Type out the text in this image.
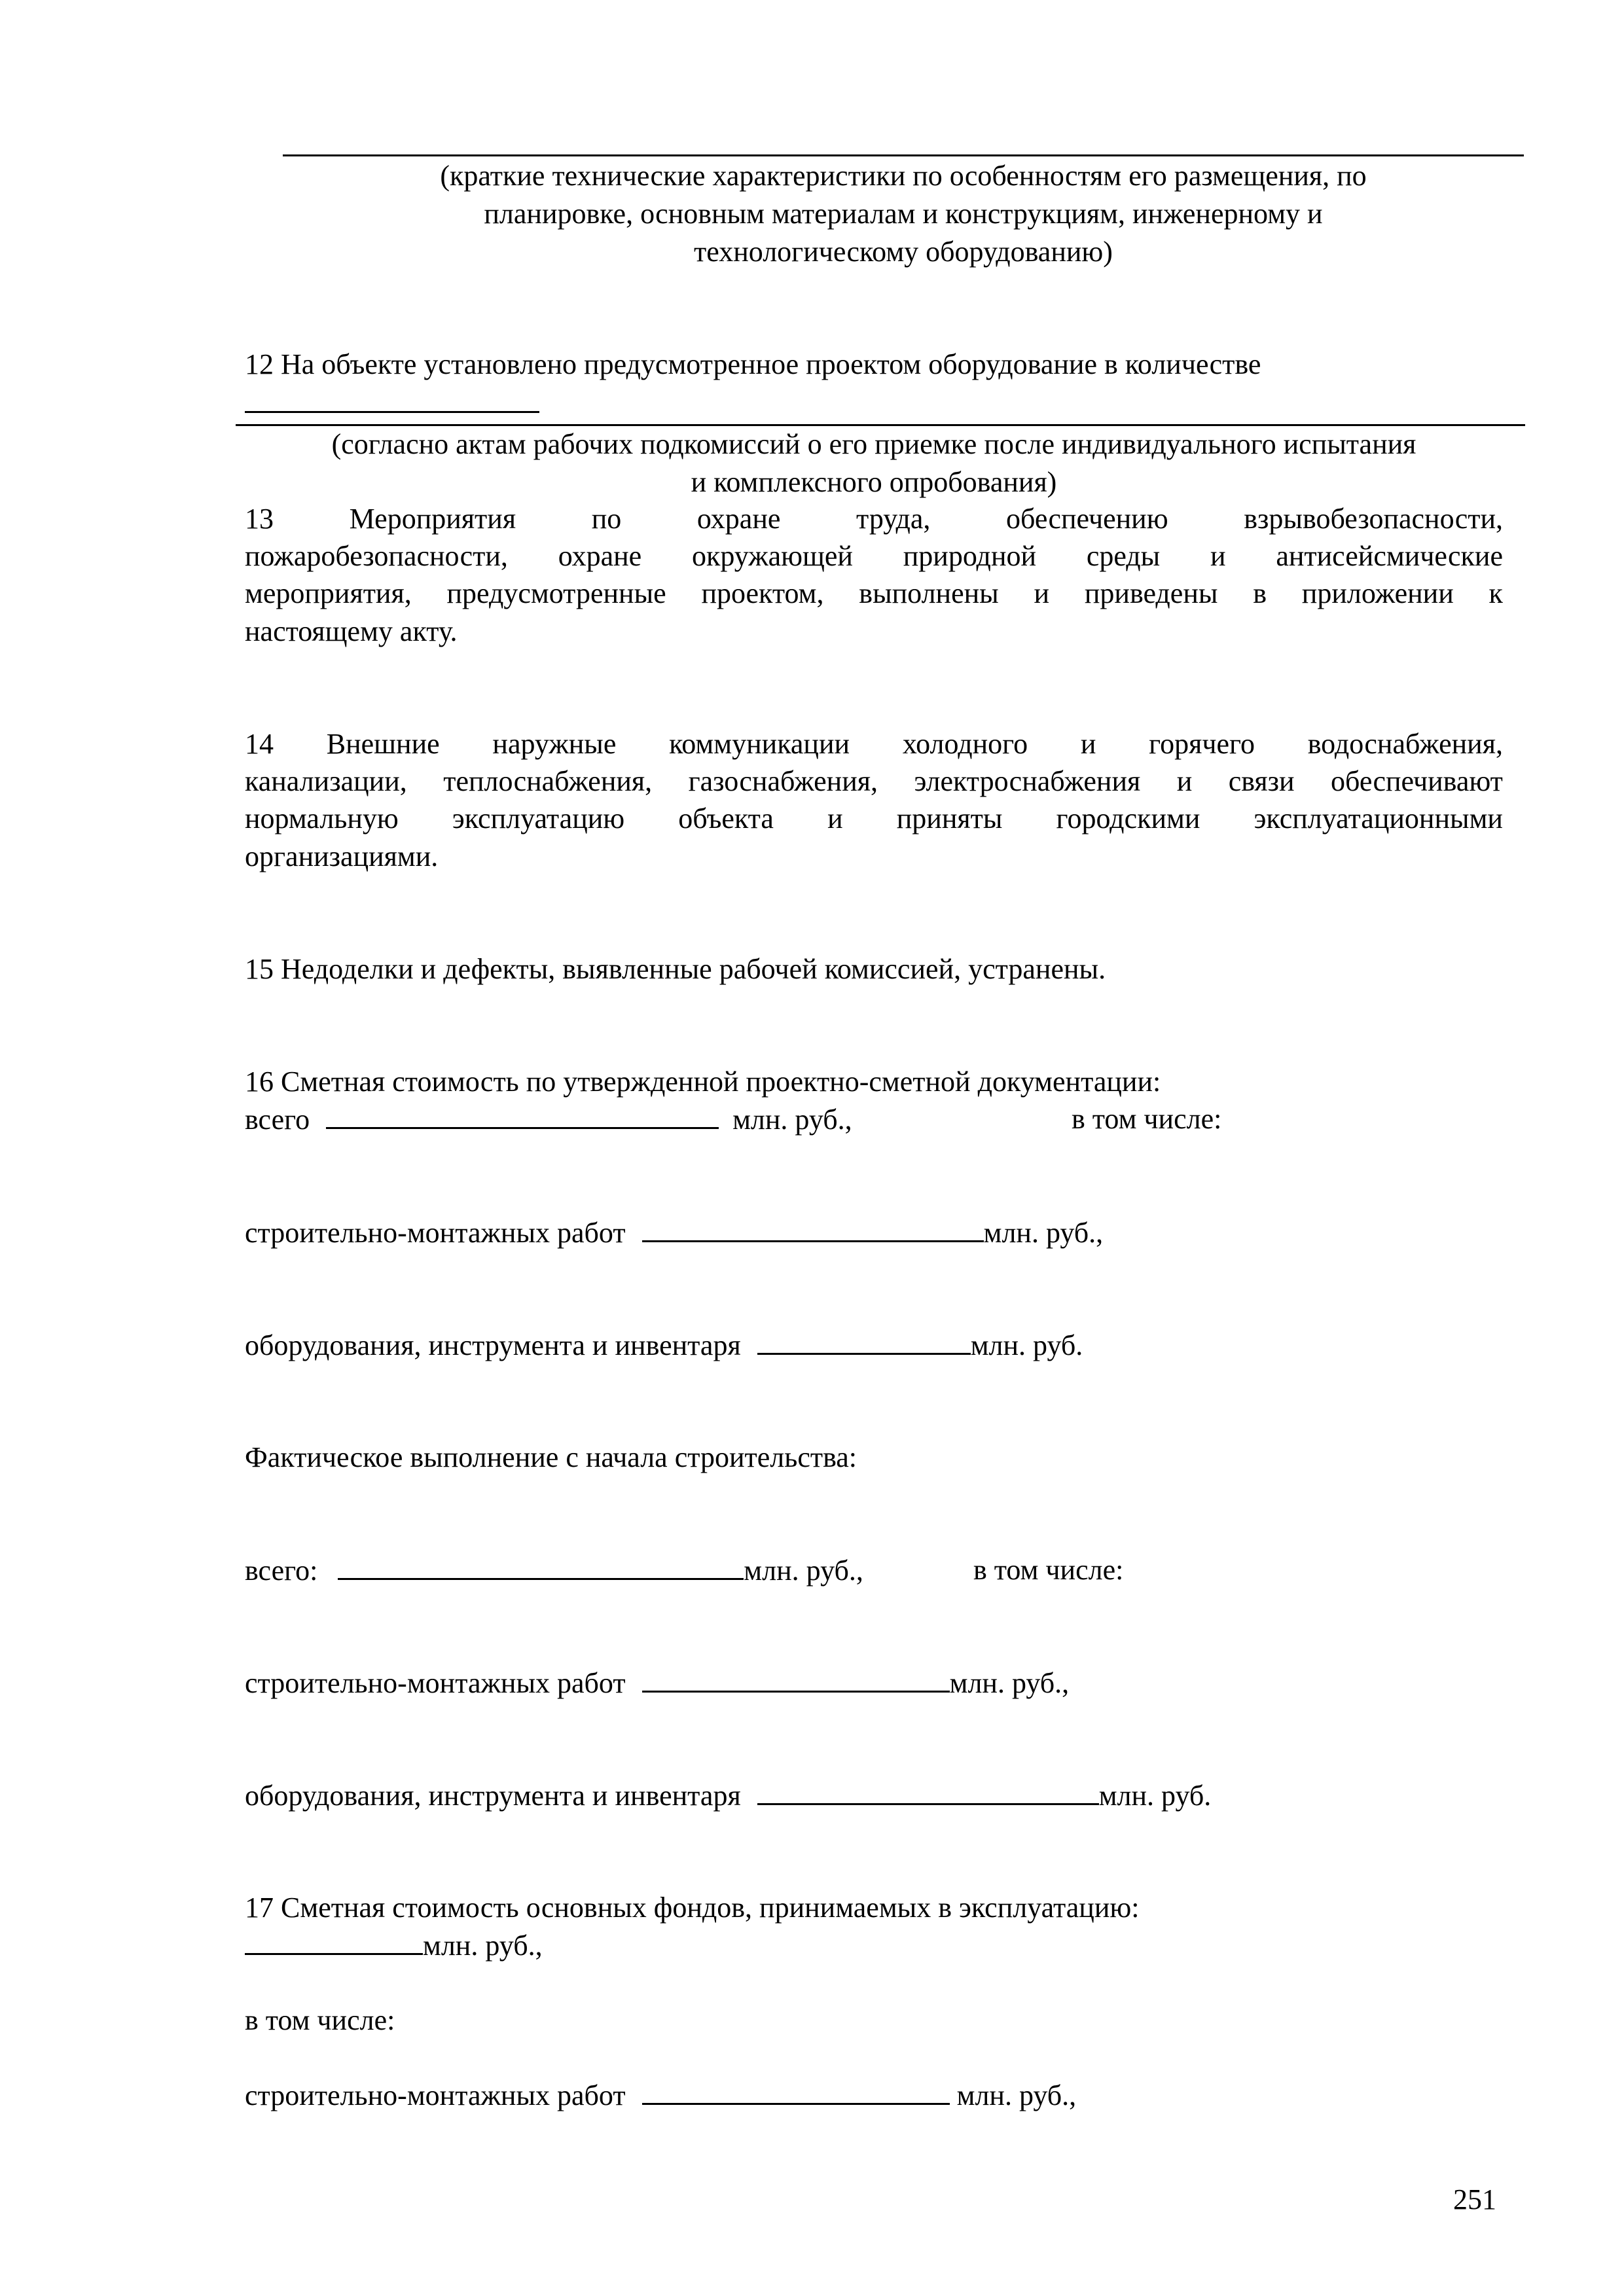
(краткие технические характеристики по особенностям его размещения, по
планировке, основным материалам и конструкциям, инженерному и
технологическому оборудованию)
12 На объекте установлено предусмотренное проектом оборудование в количестве
(согласно актам рабочих подкомиссий о его приемке после индивидуального испытания
и комплексного опробования)
13	Мероприятия	по	охране	труда,	обеспечению	взрывобезопасности,
пожаробезопасности, охране окружающей природной среды и антисейсмические
мероприятия, предусмотренные проектом, выполнены и приведены в приложении к
настоящему акту.
14 Внешние наружные коммуникации холодного и горячего водоснабжения,
канализации, теплоснабжения, газоснабжения, электроснабжения и связи обеспечивают
нормальную эксплуатацию объекта и приняты городскими эксплуатационными
организациями.
15 Недоделки и дефекты, выявленные рабочей комиссией, устранены.
16 Сметная стоимость по утвержденной проектно-сметной документации:
всего	млн. руб.,	в том числе:
строительно-монтажных работ	млн. руб.,
оборудования, инструмента и инвентаря	млн. руб.
Фактическое выполнение с начала строительства:
всего:	млн. руб.,	в том числе:
строительно-монтажных работ	млн. руб.,
оборудования, инструмента и инвентаря	млн. руб.
17 Сметная стоимость основных фондов, принимаемых в эксплуатацию:
млн. руб.,
в том числе:
строительно-монтажных работ	млн. руб.,
251
